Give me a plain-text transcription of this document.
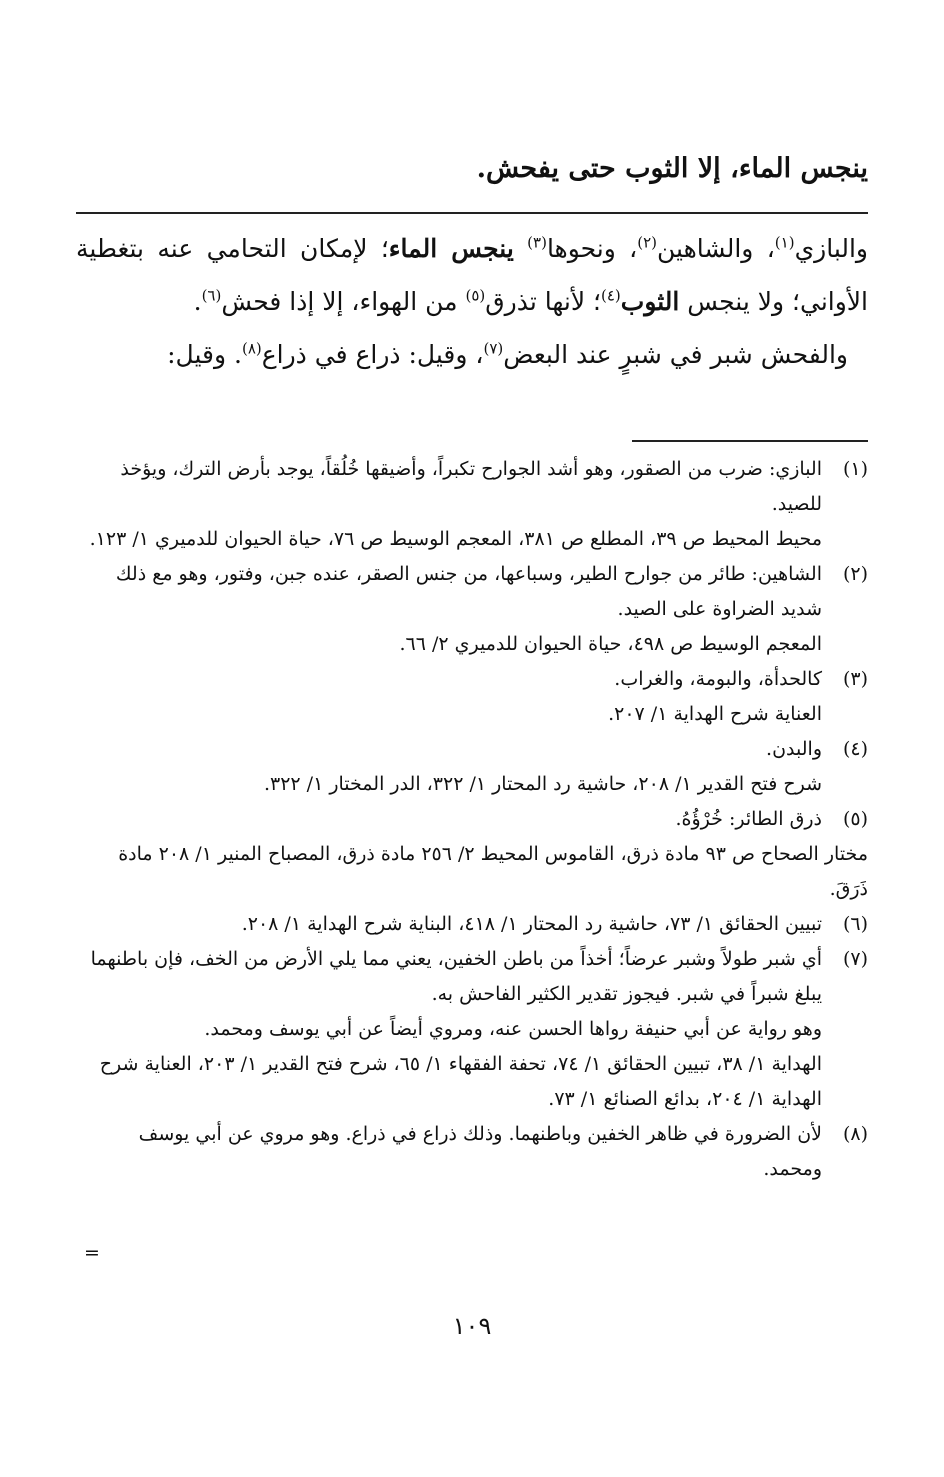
ينجس الماء، إلا الثوب حتى يفحش.

والبازي$^{(١)}$، والشاهين$^{(٢)}$، ونحوها$^{(٣)}$ ينجس الماء؛ لإمكان التحامي عنه بتغطية الأواني؛ ولا ينجس الثوب$^{(٤)}$؛ لأنها تذرق$^{(٥)}$ من الهواء، إلا إذا فحش$^{(٦)}$.

والفحش شبر في شبرٍ عند البعض$^{(٧)}$، وقيل: ذراع في ذراع$^{(٨)}$. وقيل:

(١)

البازي: ضرب من الصقور، وهو أشد الجوارح تكبراً، وأضيقها خُلُقاً، يوجد بأرض الترك، ويؤخذ للصيد.

محيط المحيط ص ٣٩، المطلع ص ٣٨١، المعجم الوسيط ص ٧٦، حياة الحيوان للدميري ١/ ١٢٣.

(٢)

الشاهين: طائر من جوارح الطير، وسباعها، من جنس الصقر، عنده جبن، وفتور، وهو مع ذلك شديد الضراوة على الصيد.

المعجم الوسيط ص ٤٩٨، حياة الحيوان للدميري ٢/ ٦٦.

(٣)

كالحدأة، والبومة، والغراب.

العناية شرح الهداية ١/ ٢٠٧.

(٤)

والبدن.

شرح فتح القدير ١/ ٢٠٨، حاشية رد المحتار ١/ ٣٢٢، الدر المختار ١/ ٣٢٢.

(٥)

ذرق الطائر: خُرْؤُهُ.

مختار الصحاح ص ٩٣ مادة ذرق، القاموس المحيط ٢/ ٢٥٦ مادة ذرق، المصباح المنير ١/ ٢٠٨ مادة ذَرَقَ.

(٦)

تبيين الحقائق ١/ ٧٣، حاشية رد المحتار ١/ ٤١٨، البناية شرح الهداية ١/ ٢٠٨.

(٧)

أي شبر طولاً وشبر عرضاً؛ أخذاً من باطن الخفين، يعني مما يلي الأرض من الخف، فإن باطنهما يبلغ شبراً في شبر. فيجوز تقدير الكثير الفاحش به.

وهو رواية عن أبي حنيفة رواها الحسن عنه، ومروي أيضاً عن أبي يوسف ومحمد.

الهداية ١/ ٣٨، تبيين الحقائق ١/ ٧٤، تحفة الفقهاء ١/ ٦٥، شرح فتح القدير ١/ ٢٠٣، العناية شرح الهداية ١/ ٢٠٤، بدائع الصنائع ١/ ٧٣.

(٨)

لأن الضرورة في ظاهر الخفين وباطنهما. وذلك ذراع في ذراع. وهو مروي عن أبي يوسف ومحمد.

=
١٠٩
